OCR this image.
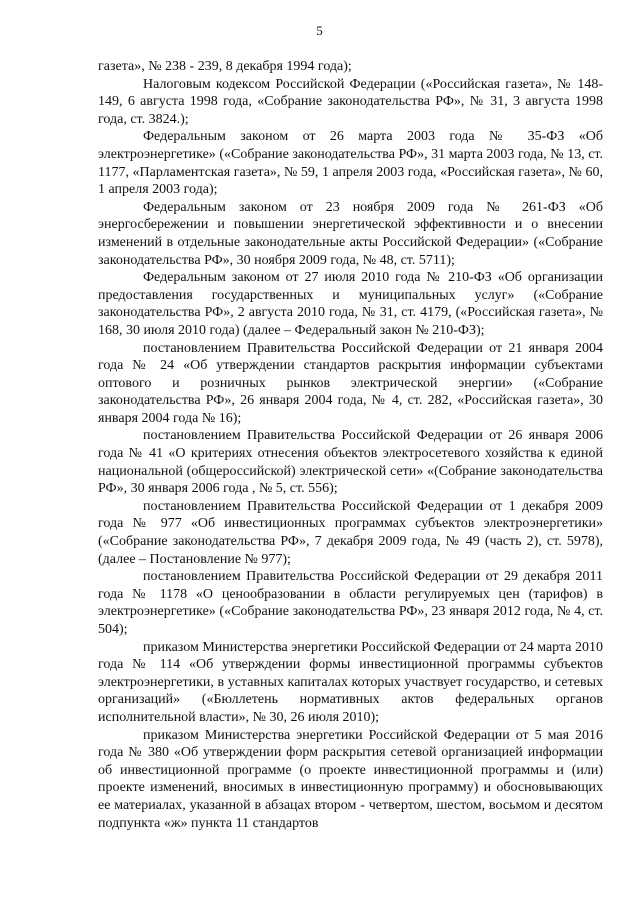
5

газета», № 238 - 239, 8 декабря 1994 года);

Налоговым кодексом Российской Федерации («Российская газета», № 148-149, 6 августа 1998 года, «Собрание законодательства РФ», № 31, 3 августа 1998 года, ст. 3824.);

Федеральным законом от 26 марта 2003 года № 35-ФЗ «Об электроэнергетике» («Собрание законодательства РФ», 31 марта 2003 года, № 13, ст. 1177, «Парламентская газета», № 59, 1 апреля 2003 года, «Российская газета», № 60, 1 апреля 2003 года);

Федеральным законом от 23 ноября 2009 года № 261-ФЗ «Об энергосбережении и повышении энергетической эффективности и о внесении изменений в отдельные законодательные акты Российской Федерации» («Собрание законодательства РФ», 30 ноября 2009 года, № 48, ст. 5711);

Федеральным законом от 27 июля 2010 года № 210-ФЗ «Об организации предоставления государственных и муниципальных услуг» («Собрание законодательства РФ», 2 августа 2010 года, № 31, ст. 4179, («Российская газета», № 168, 30 июля 2010 года) (далее – Федеральный закон № 210-ФЗ);

постановлением Правительства Российской Федерации от 21 января 2004 года № 24 «Об утверждении стандартов раскрытия информации субъектами оптового и розничных рынков электрической энергии» («Собрание законодательства РФ», 26 января 2004 года, № 4, ст. 282, «Российская газета», 30 января 2004 года № 16);

постановлением Правительства Российской Федерации от 26 января 2006 года № 41 «О критериях отнесения объектов электросетевого хозяйства к единой национальной (общероссийской) электрической сети» «(Собрание законодательства РФ», 30 января 2006 года , № 5, ст. 556);

постановлением Правительства Российской Федерации от 1 декабря 2009 года № 977 «Об инвестиционных программах субъектов электроэнергетики» («Собрание законодательства РФ», 7 декабря 2009 года, № 49 (часть 2), ст. 5978), (далее – Постановление № 977);

постановлением Правительства Российской Федерации от 29 декабря 2011 года № 1178 «О ценообразовании в области регулируемых цен (тарифов) в электроэнергетике» («Собрание законодательства РФ», 23 января 2012 года, № 4, ст. 504);

приказом Министерства энергетики Российской Федерации от 24 марта 2010 года № 114 «Об утверждении формы инвестиционной программы субъектов электроэнергетики, в уставных капиталах которых участвует государство, и сетевых организаций» («Бюллетень нормативных актов федеральных органов исполнительной власти», № 30, 26 июля 2010);

приказом Министерства энергетики Российской Федерации от 5 мая 2016 года № 380 «Об утверждении форм раскрытия сетевой организацией информации об инвестиционной программе (о проекте инвестиционной программы и (или) проекте изменений, вносимых в инвестиционную программу) и обосновывающих ее материалах, указанной в абзацах втором - четвертом, шестом, восьмом и десятом подпункта «ж» пункта 11 стандартов
